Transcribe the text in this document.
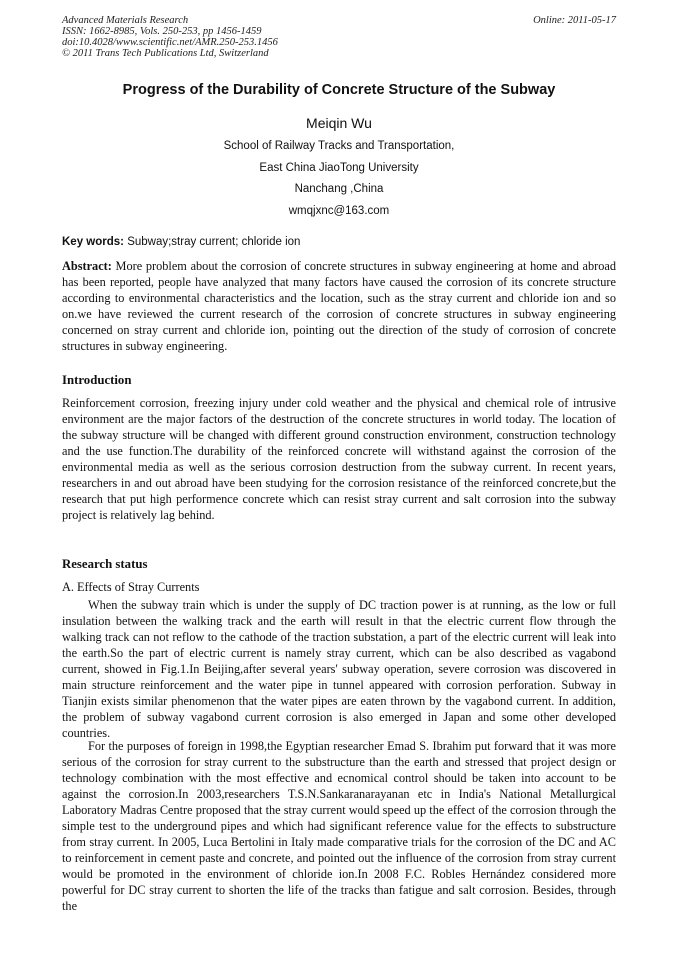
Advanced Materials Research
ISSN: 1662-8985, Vols. 250-253, pp 1456-1459
doi:10.4028/www.scientific.net/AMR.250-253.1456
© 2011 Trans Tech Publications Ltd, Switzerland
Online: 2011-05-17
Progress of the Durability of Concrete Structure of the Subway
Meiqin Wu
School of Railway Tracks and Transportation,
East China JiaoTong University
Nanchang ,China
wmqjxnc@163.com
Key words: Subway;stray current; chloride ion
Abstract: More problem about the corrosion of concrete structures in subway engineering at home and abroad has been reported, people have analyzed that many factors have caused the corrosion of its concrete structure according to environmental characteristics and the location, such as the stray current and chloride ion and so on.we have reviewed the current research of the corrosion of concrete structures in subway engineering concerned on stray current and chloride ion, pointing out the direction of the study of corrosion of concrete structures in subway engineering.
Introduction

Reinforcement corrosion, freezing injury under cold weather and the physical and chemical role of intrusive environment are the major factors of the destruction of the concrete structures in world today. The location of the subway structure will be changed with different ground construction environment, construction technology and the use function.The durability of the reinforced concrete will withstand against the corrosion of the environmental media as well as the serious corrosion destruction from the subway current. In recent years, researchers in and out abroad have been studying for the corrosion resistance of the reinforced concrete,but the research that put high performence concrete which can resist stray current and salt corrosion into the subway project is relatively lag behind.

Research status
A. Effects of Stray Currents

When the subway train which is under the supply of DC traction power is at running, as the low or full insulation between the walking track and the earth will result in that the electric current flow through the walking track can not reflow to the cathode of the traction substation, a part of the electric current will leak into the earth.So the part of electric current is namely stray current, which can be also described as vagabond current, showed in Fig.1.In Beijing,after several years' subway operation, severe corrosion was discovered in main structure reinforcement and the water pipe in tunnel appeared with corrosion perforation. Subway in Tianjin exists similar phenomenon that the water pipes are eaten thrown by the vagabond current. In addition, the problem of subway vagabond current corrosion is also emerged in Japan and some other developed countries.

For the purposes of foreign in 1998,the Egyptian researcher Emad S. Ibrahim put forward that it was more serious of the corrosion for stray current to the substructure than the earth and stressed that project design or technology combination with the most effective and ecnomical control should be taken into account to be against the corrosion.In 2003,researchers T.S.N.Sankaranarayanan etc in India's National Metallurgical Laboratory Madras Centre proposed that the stray current would speed up the effect of the corrosion through the simple test to the underground pipes and which had significant reference value for the effects to substructure from stray current. In 2005, Luca Bertolini in Italy made comparative trials for the corrosion of the DC and AC to reinforcement in cement paste and concrete, and pointed out the influence of the corrosion from stray current would be promoted in the environment of chloride ion.In 2008 F.C. Robles Hernández considered more powerful for DC stray current to shorten the life of the tracks than fatigue and salt corrosion. Besides, through the
